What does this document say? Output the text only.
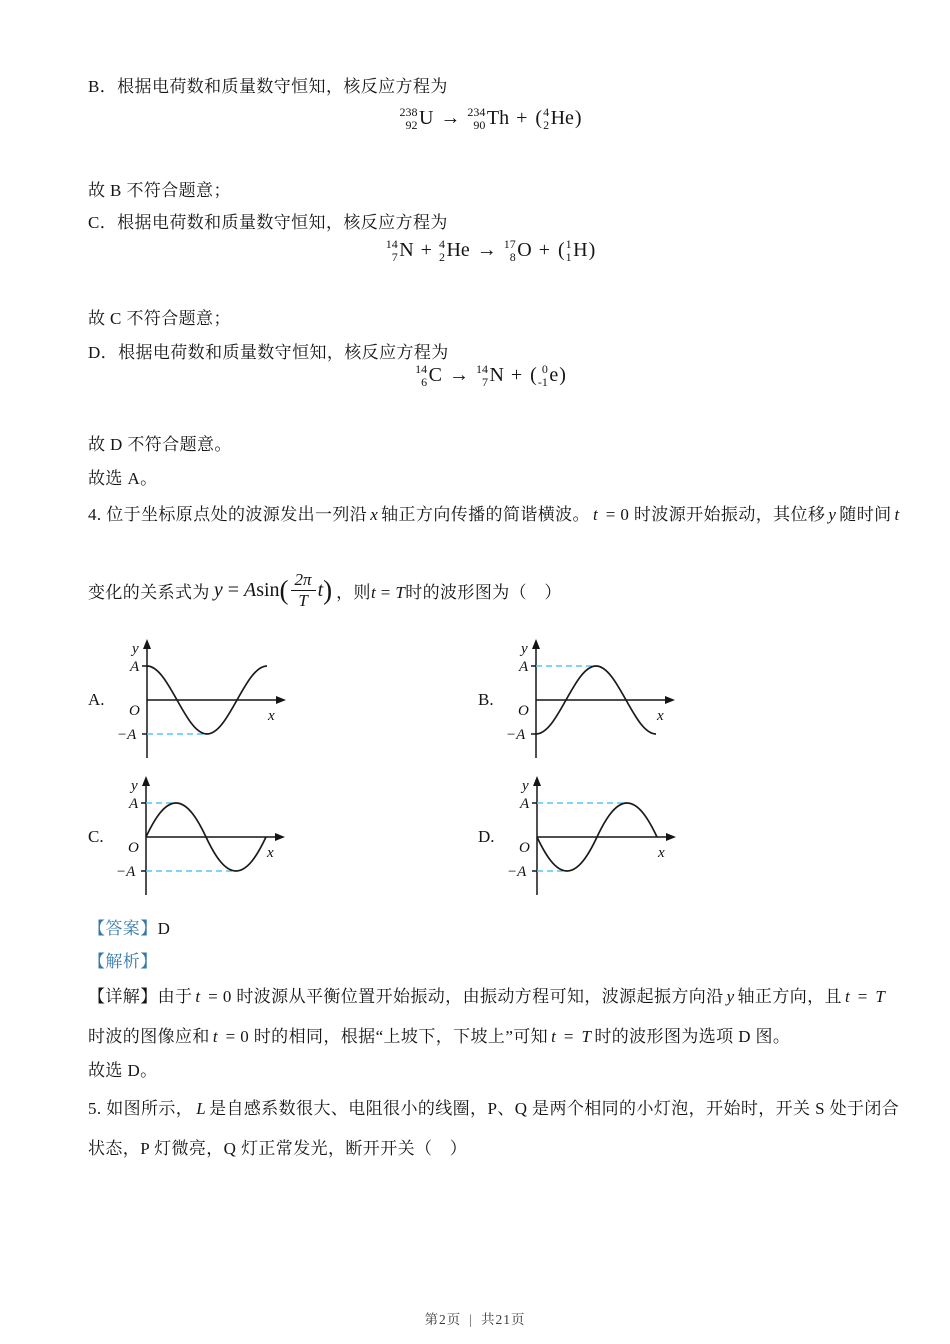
B．根据电荷数和质量数守恒知，核反应方程为

238
92 U → 234
90 Th + ( 4
2 He )

故 B 不符合题意；

C．根据电荷数和质量数守恒知，核反应方程为

14
7 N + 4
2 He → 17
8 O + ( 1
1 H )

故 C 不符合题意；

D．根据电荷数和质量数守恒知，核反应方程为

14
6 C → 14
7 N + ( 0
-1 e )

故 D 不符合题意。

故选 A。

4. 位于坐标原点处的波源发出一列沿 x 轴正方向传播的简谐横波。 t = 0 时波源开始振动，其位移 y 随时间 t

变化的关系式为 y = A sin ( $\frac{2\pi}{T}$ t ) ，则t = T时的波形图为（　）
A.
y
A
O
−A
x
B.
y
A
O
−A
x
C.
y
A
O
−A
x
D.
y
A
O
−A
x

【答案】D

【解析】

【详解】由于 t = 0 时波源从平衡位置开始振动，由振动方程可知，波源起振方向沿 y 轴正方向，且 t = T

时波的图像应和 t = 0 时的相同，根据“上坡下，下坡上”可知 t = T 时的波形图为选项 D 图。

故选 D。

5. 如图所示， L 是自感系数很大、电阻很小的线圈，P、Q 是两个相同的小灯泡，开始时，开关 S 处于闭合

状态，P 灯微亮，Q 灯正常发光，断开开关（　）

第2页 | 共21页
